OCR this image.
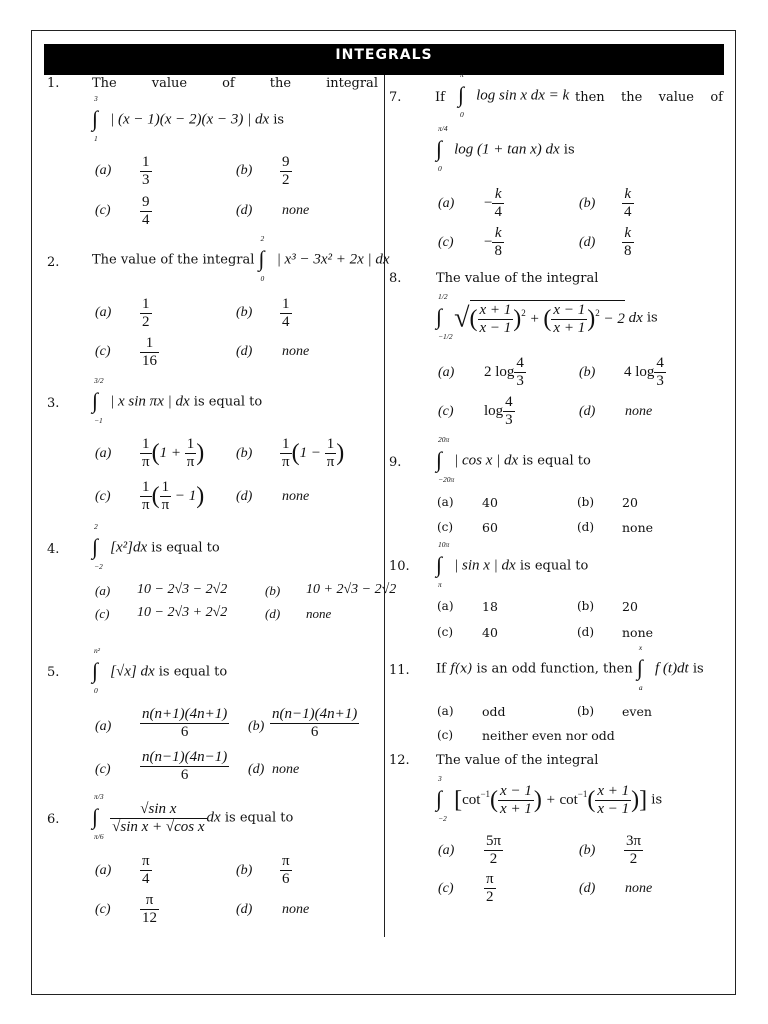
INTEGRALS
1.	The	value	of	the	integral
∫
3
1
| (x − 1)(x − 2)(x − 3) | dx is
$(a) \frac{1}{3}$	$(b) \frac{9}{2}$
$(c) \frac{9}{4}$	(d) none
2.	The value of the integral ∫
2
0
| x³ − 3x² + 2x | dx
$(a) \frac{1}{2}$	$(b) \frac{1}{4}$
$(c) \frac{1}{16}$	(d) none
3. ∫
3/2
−1
| x sin πx | dx is equal to
$(a) \frac{1}{\pi} (1 + \frac{1}{\pi}$ ) $(b) \frac{1}{\pi} (1 - \frac{1}{\pi}$ )
$(c) \frac{1}{\pi}$ ( $\frac{1}{\pi} - 1$) (d) none
4. ∫
2
−2
[x²]dx is equal to
(a) 10 − 2√3 − 2√2	(b) 10 + 2√3 − 2√2
(c) 10 − 2√3 + 2√2	(d) none
5. ∫
n²
0
[√x] dx is equal to
$(a) \frac{n(n+1)(4n+1)}{6} (b) \frac{n(n-1)(4n+1)}{6}$
$(c) \frac{n(n-1)(4n-1)}{6} (d)$ none
6. ∫
π/3
π/6

$\frac{\text{√sin x}}{\text{√sin x + √cos x}}$ dx is equal to
$(a) \frac{\pi}{4}$	$(b) \frac{\pi}{6}$
$(c) \frac{\pi}{12}$	(d) none
7.	If ∫
π
0
log sin x dx = k then the value of
∫
π/4
0
log (1 + tan x) dx is
$(a) - \frac{k}{4}$	$(b) \frac{k}{4}$
$(c) - \frac{k}{8}$	$(d) \frac{k}{8}$
8.	The value of the integral
∫
1/2
−1/2
√( $\frac{x + 1}{x - 1} )^2$ + ( $\frac{x - 1}{x + 1} )^2 - 2$ dx is
(a) 2 $\log \frac{4}{3}$	(b) 4 $\log \frac{4}{3}$
(c) $\log \frac{4}{3}$	(d) none
9. ∫
20π
−20π
| cos x | dx is equal to
(a) 40	(b) 20
(c) 60	(d) none
10. ∫
10π
π
| sin x | dx is equal to
(a) 18	(b) 20
(c) 40	(d) none
11. If f(x) is an odd function, then ∫
x
a
f (t)dt is
(a) odd	(b) even
(c) neither even nor odd
12. The value of the integral
∫
3
−2
[$\cot^{-1}( \frac{x - 1}{x + 1}$ ) + $\cot^{-1}( \frac{x + 1}{x - 1}$ )] is
$(a) \frac{5\pi}{2}$	$(b) \frac{3\pi}{2}$
$(c) \frac{\pi}{2}$	(d) none
